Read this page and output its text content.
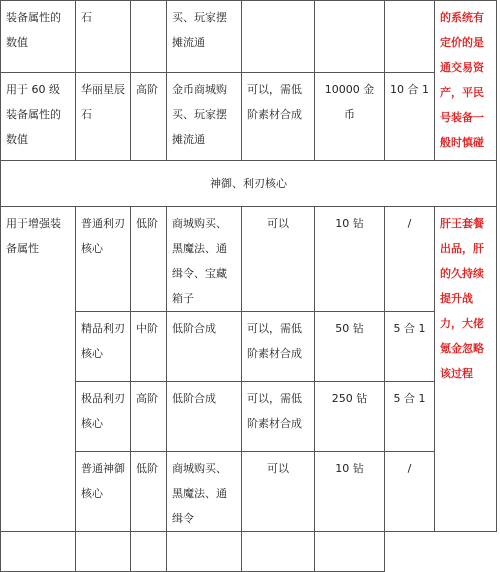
装备属性的数值	石		买、玩家摆摊流通				的系统有定价的是通交易资产，平民号装备一般时慎碰
用于 60 级装备属性的数值	华丽星辰石	高阶	金币商城购买、玩家摆摊流通	可以，需低阶素材合成	10000 金币	10 合 1	
神御、利刃核心							
用于增强装备属性	普通利刃核心	低阶	商城购买、黑魔法、通缉令、宝藏箱子	可以	10 钻	/	肝王套餐出品，肝的久持续提升战力，大佬氪金忽略该过程
	精品利刃核心	中阶	低阶合成	可以，需低阶素材合成	50 钻	5 合 1	
	极品利刃核心	高阶	低阶合成	可以，需低阶素材合成	250 钻	5 合 1	
	普通神御核心	低阶	商城购买、黑魔法、通缉令	可以	10 钻	/	
